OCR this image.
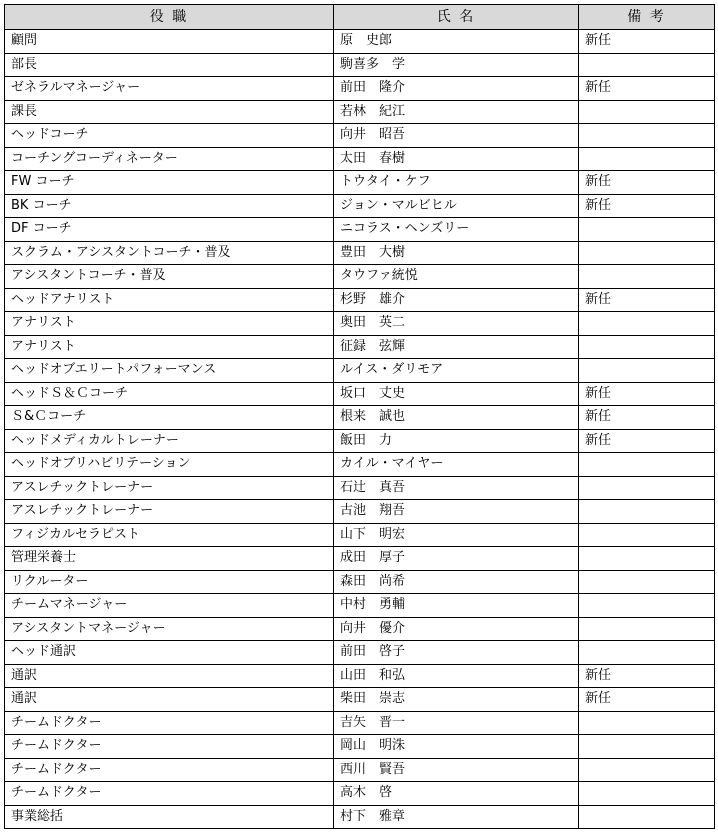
役 職	氏 名	備 考
顧問	原　史郎	新任
部長	駒喜多　学	
ゼネラルマネージャー	前田　隆介	新任
課長	若林　紀江	
ヘッドコーチ	向井　昭吾	
コーチングコーディネーター	太田　春樹	
FW コーチ	トウタイ・ケフ	新任
BK コーチ	ジョン・マルビヒル	新任
DF コーチ	ニコラス・ヘンズリー	
スクラム・アシスタントコーチ・普及	豊田　大樹	
アシスタントコーチ・普及	タウファ統悦	
ヘッドアナリスト	杉野　雄介	新任
アナリスト	奥田　英二	
アナリスト	征録　弦輝	
ヘッドオブエリートパフォーマンス	ルイス・ダリモア	
ヘッドＳ＆Ｃコーチ	坂口　丈史	新任
Ｓ&Ｃコーチ	根来　誠也	新任
ヘッドメディカルトレーナー	飯田　力	新任
ヘッドオブリハビリテーション	カイル・マイヤー	
アスレチックトレーナー	石辻　真吾	
アスレチックトレーナー	古池　翔吾	
フィジカルセラピスト	山下　明宏	
管理栄養士	成田　厚子	
リクルーター	森田　尚希	
チームマネージャー	中村　勇輔	
アシスタントマネージャー	向井　優介	
ヘッド通訳	前田　啓子	
通訳	山田　和弘	新任
通訳	柴田　崇志	新任
チームドクター	吉矢　晋一	
チームドクター	岡山　明洙	
チームドクター	西川　賢吾	
チームドクター	高木　啓	
事業総括	村下　雅章	
